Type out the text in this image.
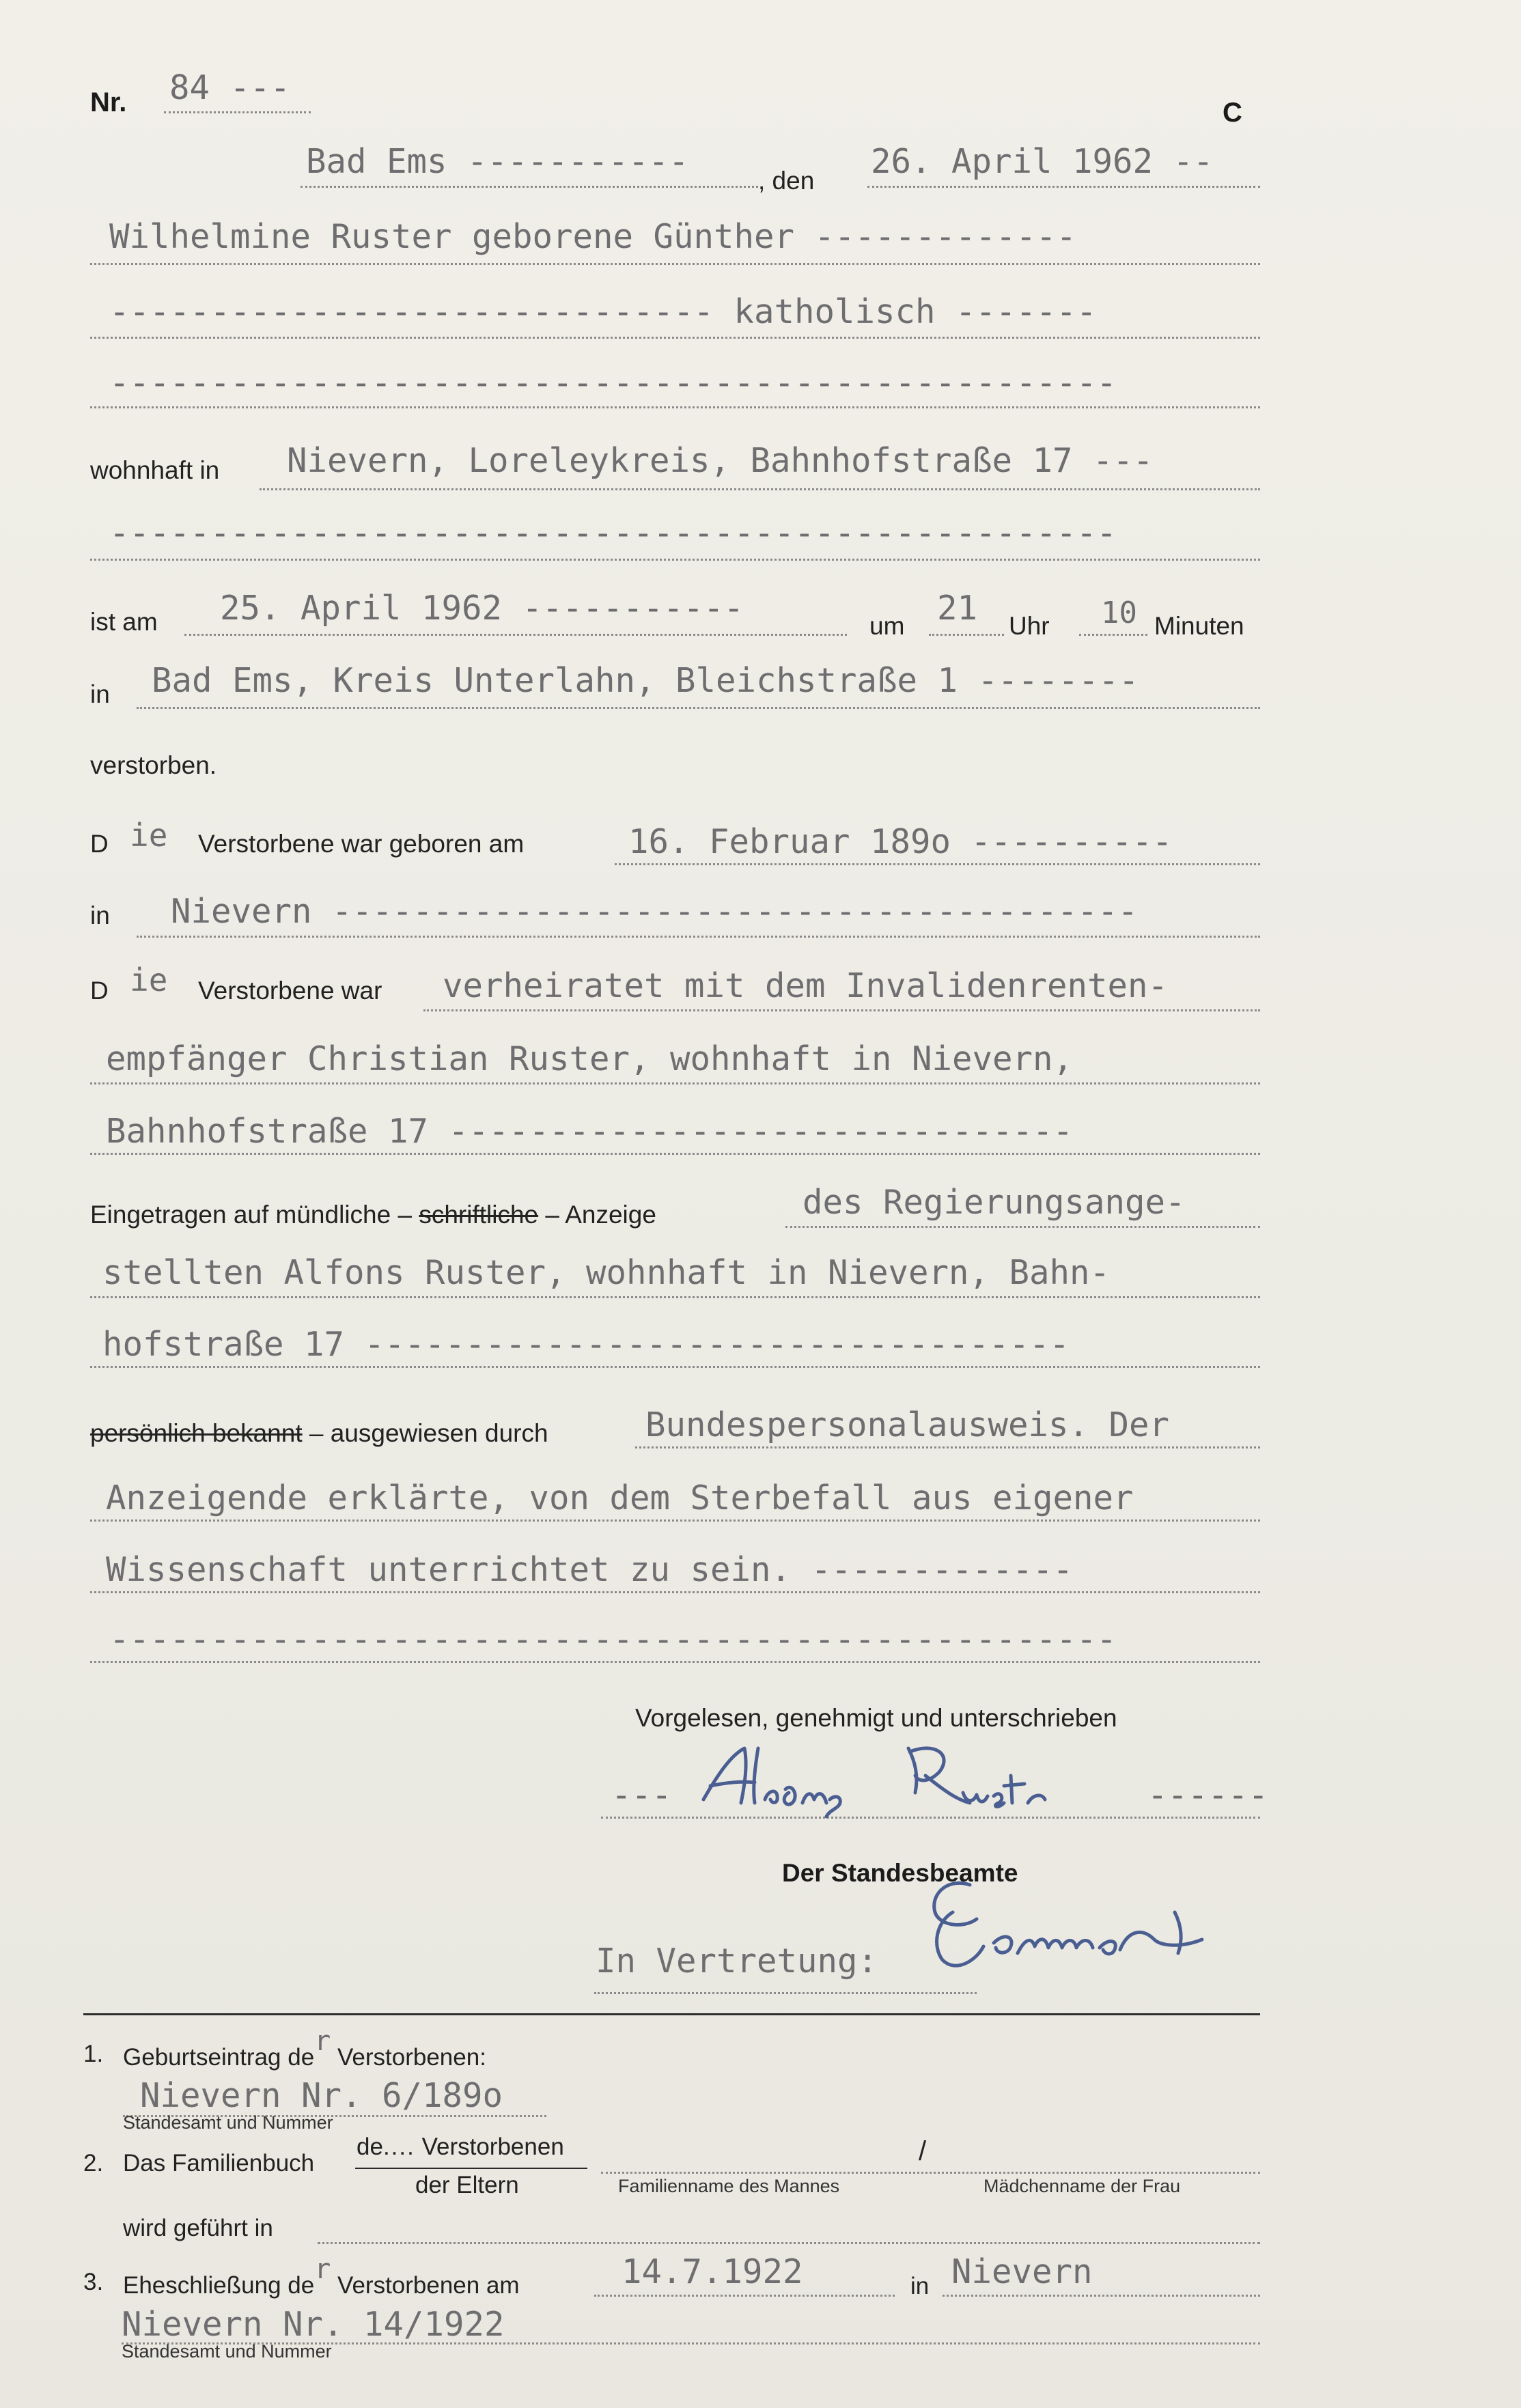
Nr. 84 ---
C
Bad Ems -----------	, den 26. April 1962 --
Wilhelmine Ruster geborene Günther -------------
------------------------------ katholisch -------
--------------------------------------------------
wohnhaft in Nievern, Loreleykreis, Bahnhofstraße 17 ---
--------------------------------------------------
ist am 25. April 1962 -----------	um 21 Uhr 10 Minuten
in Bad Ems, Kreis Unterlahn, Bleichstraße 1 --------
verstorben.
D ie Verstorbene war geboren am	16. Februar 189o ----------
in Nievern ----------------------------------------
D ie Verstorbene war verheiratet mit dem Invalidenrenten-
empfänger Christian Ruster, wohnhaft in Nievern,
Bahnhofstraße 17 -------------------------------
Eingetragen auf mündliche – schriftliche – Anzeige	des Regierungsange-
stellten Alfons Ruster, wohnhaft in Nievern, Bahn-
hofstraße 17 -----------------------------------
persönlich bekannt – ausgewiesen durch	Bundespersonalausweis. Der
Anzeigende erklärte, von dem Sterbefall aus eigener
Wissenschaft unterrichtet zu sein. -------------
--------------------------------------------------
Vorgelesen, genehmigt und unterschrieben
---	------
Der Standesbeamte
In Vertretung:
1. Geburtseintrag der Verstorbenen:
Nievern Nr. 6/189o
Standesamt und Nummer
2. Das Familienbuch
de.... Verstorbenen
der Eltern
/
Familienname des Mannes	Mädchenname der Frau
wird geführt in
3. Eheschließung der Verstorbenen am	14.7.1922	in Nievern
Nievern Nr. 14/1922
Standesamt und Nummer
